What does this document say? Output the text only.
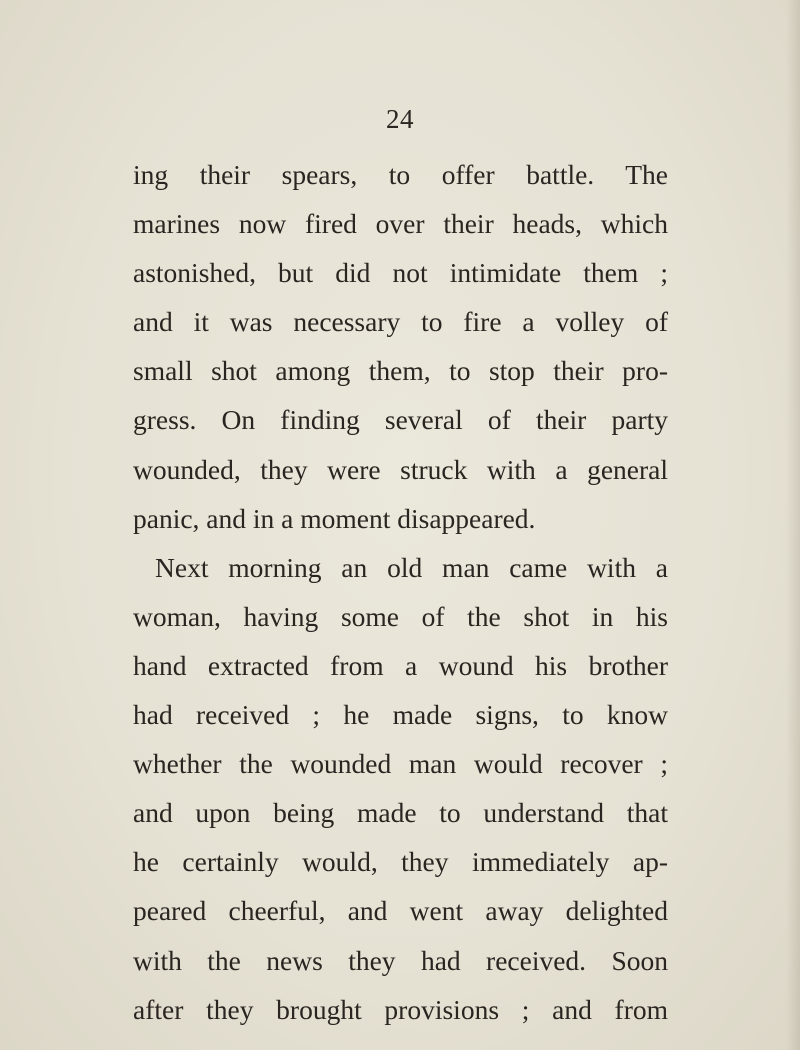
24
ing their spears, to offer battle. The
marines now fired over their heads, which
astonished, but did not intimidate them ;
and it was necessary to fire a volley of
small shot among them, to stop their pro-
gress. On finding several of their party
wounded, they were struck with a general
panic, and in a moment disappeared.
Next morning an old man came with a
woman, having some of the shot in his
hand extracted from a wound his brother
had received ; he made signs, to know
whether the wounded man would recover ;
and upon being made to understand that
he certainly would, they immediately ap-
peared cheerful, and went away delighted
with the news they had received. Soon
after they brought provisions ; and from
